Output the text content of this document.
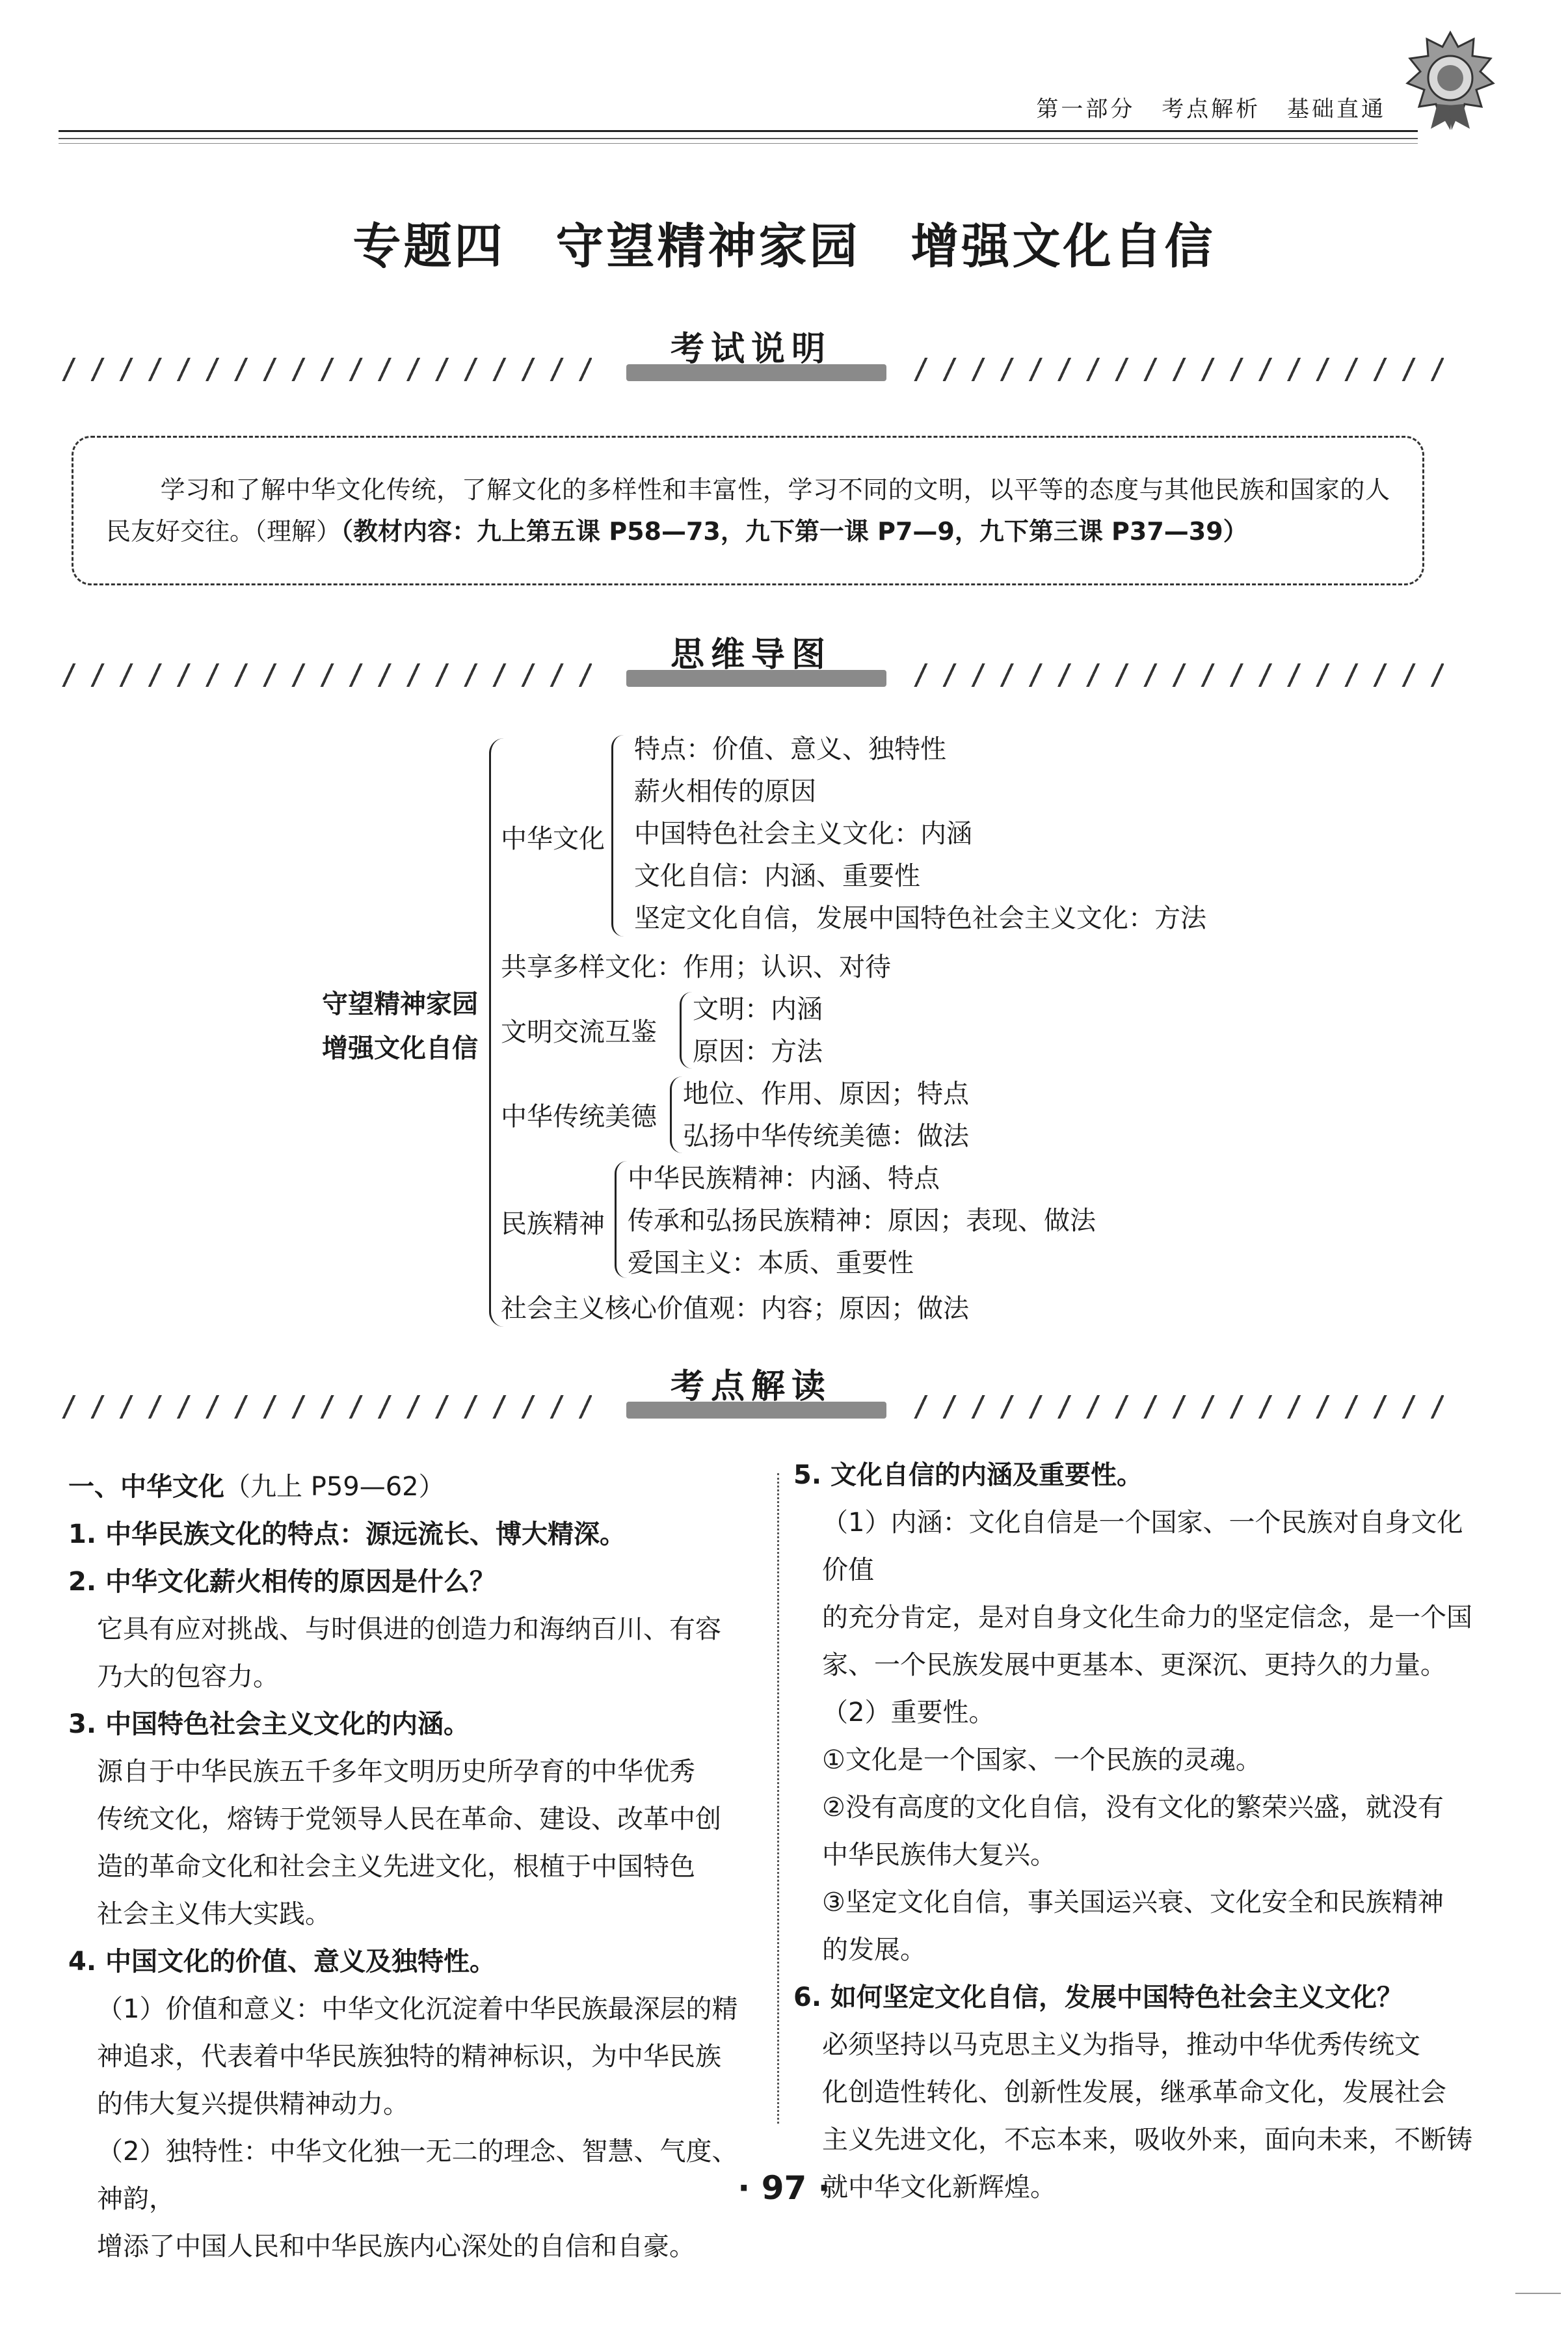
第一部分 考点解析 基础直通
专题四　守望精神家园　增强文化自信
考试说明

学习和了解中华文化传统，了解文化的多样性和丰富性，学习不同的文明，以平等的态度与其他民族和国家的人民友好交往。（理解）（教材内容：九上第五课 P58—73，九下第一课 P7—9，九下第三课 P37—39）

思维导图
守望精神家园
增强文化自信
中华文化
特点：价值、意义、独特性
薪火相传的原因
中国特色社会主义文化：内涵
文化自信：内涵、重要性
坚定文化自信，发展中国特色社会主义文化：方法
共享多样文化：作用；认识、对待
文明交流互鉴
文明：内涵
原因：方法
中华传统美德
地位、作用、原因；特点
弘扬中华传统美德：做法
民族精神
中华民族精神：内涵、特点
传承和弘扬民族精神：原因；表现、做法
爱国主义：本质、重要性
社会主义核心价值观：内容；原因；做法
考点解读

一、中华文化（九上 P59—62）

1. 中华民族文化的特点：源远流长、博大精深。

2. 中华文化薪火相传的原因是什么？

它具有应对挑战、与时俱进的创造力和海纳百川、有容

乃大的包容力。

3. 中国特色社会主义文化的内涵。

源自于中华民族五千多年文明历史所孕育的中华优秀

传统文化，熔铸于党领导人民在革命、建设、改革中创

造的革命文化和社会主义先进文化，根植于中国特色

社会主义伟大实践。

4. 中国文化的价值、意义及独特性。

（1）价值和意义：中华文化沉淀着中华民族最深层的精

神追求，代表着中华民族独特的精神标识，为中华民族

的伟大复兴提供精神动力。

（2）独特性：中华文化独一无二的理念、智慧、气度、神韵，

增添了中国人民和中华民族内心深处的自信和自豪。

5. 文化自信的内涵及重要性。

（1）内涵：文化自信是一个国家、一个民族对自身文化价值

的充分肯定，是对自身文化生命力的坚定信念，是一个国

家、一个民族发展中更基本、更深沉、更持久的力量。

（2）重要性。

①文化是一个国家、一个民族的灵魂。

②没有高度的文化自信，没有文化的繁荣兴盛，就没有

中华民族伟大复兴。

③坚定文化自信，事关国运兴衰、文化安全和民族精神

的发展。

6. 如何坚定文化自信，发展中国特色社会主义文化？

必须坚持以马克思主义为指导，推动中华优秀传统文

化创造性转化、创新性发展，继承革命文化，发展社会

主义先进文化，不忘本来，吸收外来，面向未来，不断铸

就中华文化新辉煌。

· 97 ·
